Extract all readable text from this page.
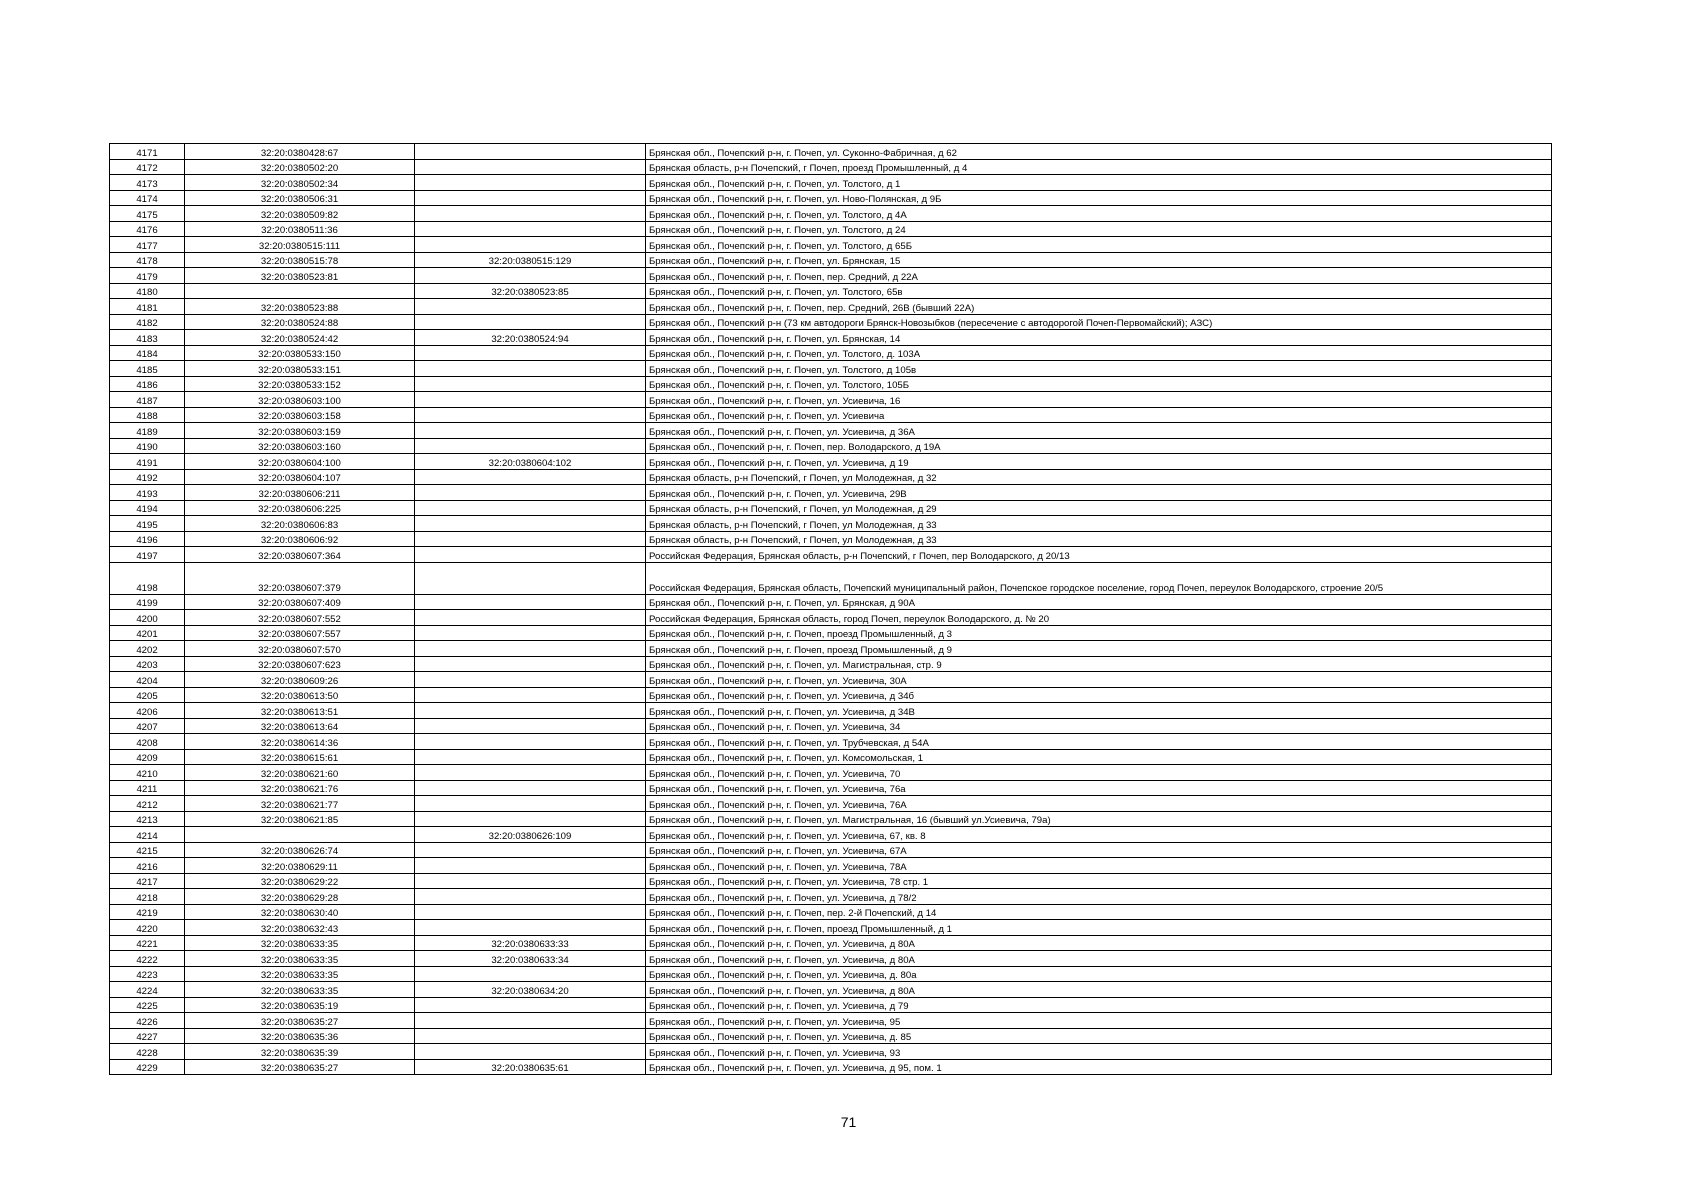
4171	32:20:0380428:67		Брянская обл., Почепский р-н, г. Почеп, ул. Суконно-Фабричная, д 62
4172	32:20:0380502:20		Брянская область, р-н Почепский, г Почеп, проезд Промышленный, д 4
4173	32:20:0380502:34		Брянская обл., Почепский р-н, г. Почеп, ул. Толстого, д 1
4174	32:20:0380506:31		Брянская обл., Почепский р-н, г. Почеп, ул. Ново-Полянская, д 9Б
4175	32:20:0380509:82		Брянская обл., Почепский р-н, г. Почеп, ул. Толстого, д 4А
4176	32:20:0380511:36		Брянская обл., Почепский р-н, г. Почеп, ул. Толстого, д 24
4177	32:20:0380515:111		Брянская обл., Почепский р-н, г. Почеп, ул. Толстого, д 65Б
4178	32:20:0380515:78	32:20:0380515:129	Брянская обл., Почепский р-н, г. Почеп, ул. Брянская, 15
4179	32:20:0380523:81		Брянская обл., Почепский р-н, г. Почеп, пер. Средний, д 22А
4180		32:20:0380523:85	Брянская обл., Почепский р-н, г. Почеп, ул. Толстого, 65в
4181	32:20:0380523:88		Брянская обл., Почепский р-н, г. Почеп, пер. Средний, 26В (бывший 22А)
4182	32:20:0380524:88		Брянская обл., Почепский р-н (73 км автодороги Брянск-Новозыбков (пересечение с автодорогой Почеп-Первомайский); АЗС)
4183	32:20:0380524:42	32:20:0380524:94	Брянская обл., Почепский р-н, г. Почеп, ул. Брянская, 14
4184	32:20:0380533:150		Брянская обл., Почепский р-н, г. Почеп, ул. Толстого, д. 103А
4185	32:20:0380533:151		Брянская обл., Почепский р-н, г. Почеп, ул. Толстого, д 105в
4186	32:20:0380533:152		Брянская обл., Почепский р-н, г. Почеп, ул. Толстого, 105Б
4187	32:20:0380603:100		Брянская обл., Почепский р-н, г. Почеп, ул. Усиевича, 16
4188	32:20:0380603:158		Брянская обл., Почепский р-н, г. Почеп, ул. Усиевича
4189	32:20:0380603:159		Брянская обл., Почепский р-н, г. Почеп, ул. Усиевича, д 36А
4190	32:20:0380603:160		Брянская обл., Почепский р-н, г. Почеп, пер. Володарского, д 19А
4191	32:20:0380604:100	32:20:0380604:102	Брянская обл., Почепский р-н, г. Почеп, ул. Усиевича, д 19
4192	32:20:0380604:107		Брянская область, р-н Почепский, г Почеп, ул Молодежная, д 32
4193	32:20:0380606:211		Брянская обл., Почепский р-н, г. Почеп, ул. Усиевича, 29В
4194	32:20:0380606:225		Брянская область, р-н Почепский, г Почеп, ул Молодежная, д 29
4195	32:20:0380606:83		Брянская область, р-н Почепский, г Почеп, ул Молодежная, д 33
4196	32:20:0380606:92		Брянская область, р-н Почепский, г Почеп, ул Молодежная, д 33
4197	32:20:0380607:364		Российская Федерация, Брянская область, р-н Почепский, г Почеп, пер Володарского, д 20/13
4198	32:20:0380607:379		Российская Федерация, Брянская область, Почепский муниципальный район, Почепское городское поселение, город Почеп, переулок Володарского, строение 20/5
4199	32:20:0380607:409		Брянская обл., Почепский р-н, г. Почеп, ул. Брянская, д 90А
4200	32:20:0380607:552		Российская Федерация, Брянская область, город Почеп, переулок Володарского, д. № 20
4201	32:20:0380607:557		Брянская обл., Почепский р-н, г. Почеп, проезд Промышленный, д 3
4202	32:20:0380607:570		Брянская обл., Почепский р-н, г. Почеп, проезд Промышленный, д 9
4203	32:20:0380607:623		Брянская обл., Почепский р-н, г. Почеп, ул. Магистральная, стр. 9
4204	32:20:0380609:26		Брянская обл., Почепский р-н, г. Почеп, ул. Усиевича, 30А
4205	32:20:0380613:50		Брянская обл., Почепский р-н, г. Почеп, ул. Усиевича, д 34б
4206	32:20:0380613:51		Брянская обл., Почепский р-н, г. Почеп, ул. Усиевича, д 34В
4207	32:20:0380613:64		Брянская обл., Почепский р-н, г. Почеп, ул. Усиевича, 34
4208	32:20:0380614:36		Брянская обл., Почепский р-н, г. Почеп, ул. Трубчевская, д 54А
4209	32:20:0380615:61		Брянская обл., Почепский р-н, г. Почеп, ул. Комсомольская, 1
4210	32:20:0380621:60		Брянская обл., Почепский р-н, г. Почеп, ул. Усиевича, 70
4211	32:20:0380621:76		Брянская обл., Почепский р-н, г. Почеп, ул. Усиевича, 76а
4212	32:20:0380621:77		Брянская обл., Почепский р-н, г. Почеп, ул. Усиевича, 76А
4213	32:20:0380621:85		Брянская обл., Почепский р-н, г. Почеп, ул. Магистральная, 16 (бывший ул.Усиевича, 79а)
4214		32:20:0380626:109	Брянская обл., Почепский р-н, г. Почеп, ул. Усиевича, 67, кв. 8
4215	32:20:0380626:74		Брянская обл., Почепский р-н, г. Почеп, ул. Усиевича, 67А
4216	32:20:0380629:11		Брянская обл., Почепский р-н, г. Почеп, ул. Усиевича, 78А
4217	32:20:0380629:22		Брянская обл., Почепский р-н, г. Почеп, ул. Усиевича, 78 стр. 1
4218	32:20:0380629:28		Брянская обл., Почепский р-н, г. Почеп, ул. Усиевича, д 78/2
4219	32:20:0380630:40		Брянская обл., Почепский р-н, г. Почеп, пер. 2-й Почепский, д 14
4220	32:20:0380632:43		Брянская обл., Почепский р-н, г. Почеп, проезд Промышленный, д 1
4221	32:20:0380633:35	32:20:0380633:33	Брянская обл., Почепский р-н, г. Почеп, ул. Усиевича, д 80А
4222	32:20:0380633:35	32:20:0380633:34	Брянская обл., Почепский р-н, г. Почеп, ул. Усиевича, д 80А
4223	32:20:0380633:35		Брянская обл., Почепский р-н, г. Почеп, ул. Усиевича, д. 80а
4224	32:20:0380633:35	32:20:0380634:20	Брянская обл., Почепский р-н, г. Почеп, ул. Усиевича, д 80А
4225	32:20:0380635:19		Брянская обл., Почепский р-н, г. Почеп, ул. Усиевича, д 79
4226	32:20:0380635:27		Брянская обл., Почепский р-н, г. Почеп, ул. Усиевича, 95
4227	32:20:0380635:36		Брянская обл., Почепский р-н, г. Почеп, ул. Усиевича, д. 85
4228	32:20:0380635:39		Брянская обл., Почепский р-н, г. Почеп, ул. Усиевича, 93
4229	32:20:0380635:27	32:20:0380635:61	Брянская обл., Почепский р-н, г. Почеп, ул. Усиевича, д 95, пом. 1
71
